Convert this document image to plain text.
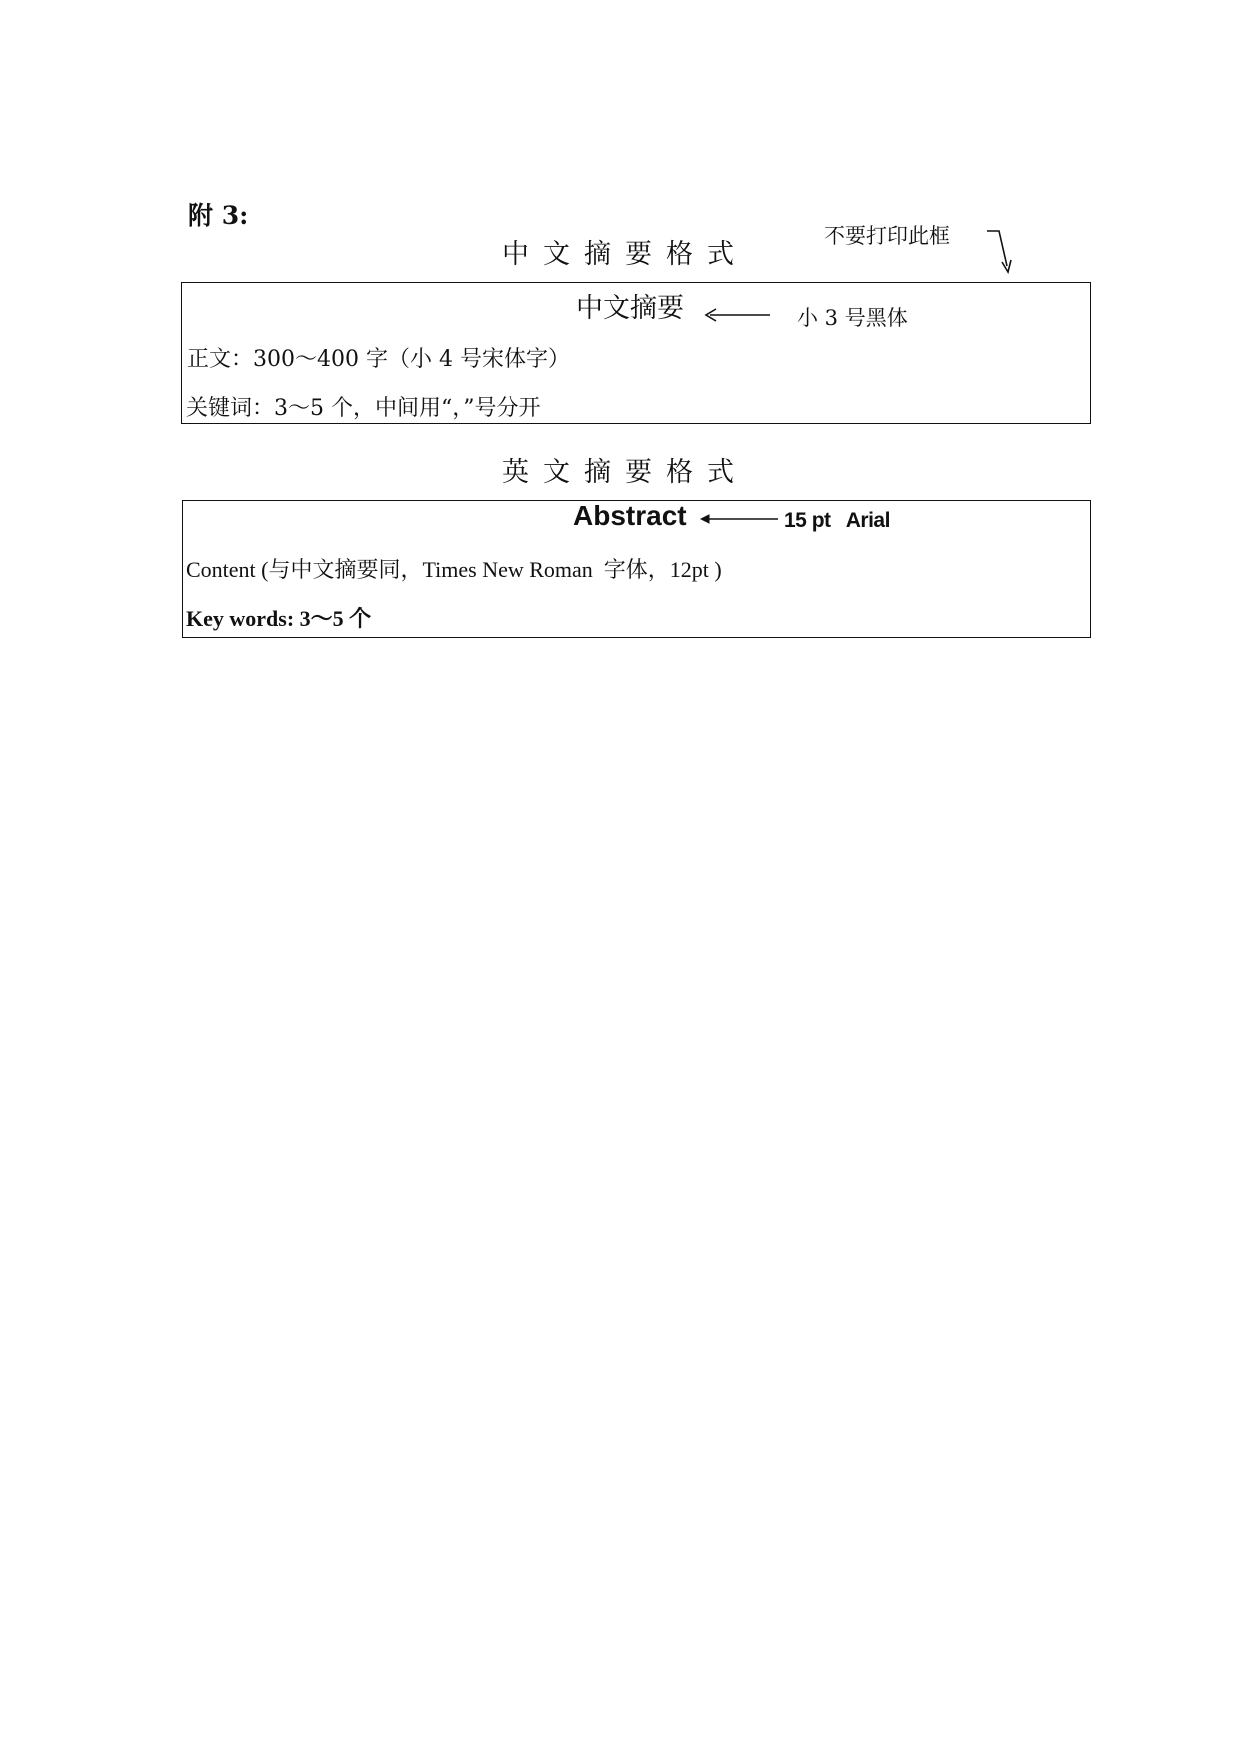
附 3:
中文摘要格式
不要打印此框
中文摘要	小 3 号黑体
正文：300～400 字（小 4 号宋体字）
关键词：3～5 个，中间用“，”号分开
英文摘要格式
Abstract	15 pt   Arial
Content (与中文摘要同，Times New Roman  字体，12pt )
Key words: 3～5 个
